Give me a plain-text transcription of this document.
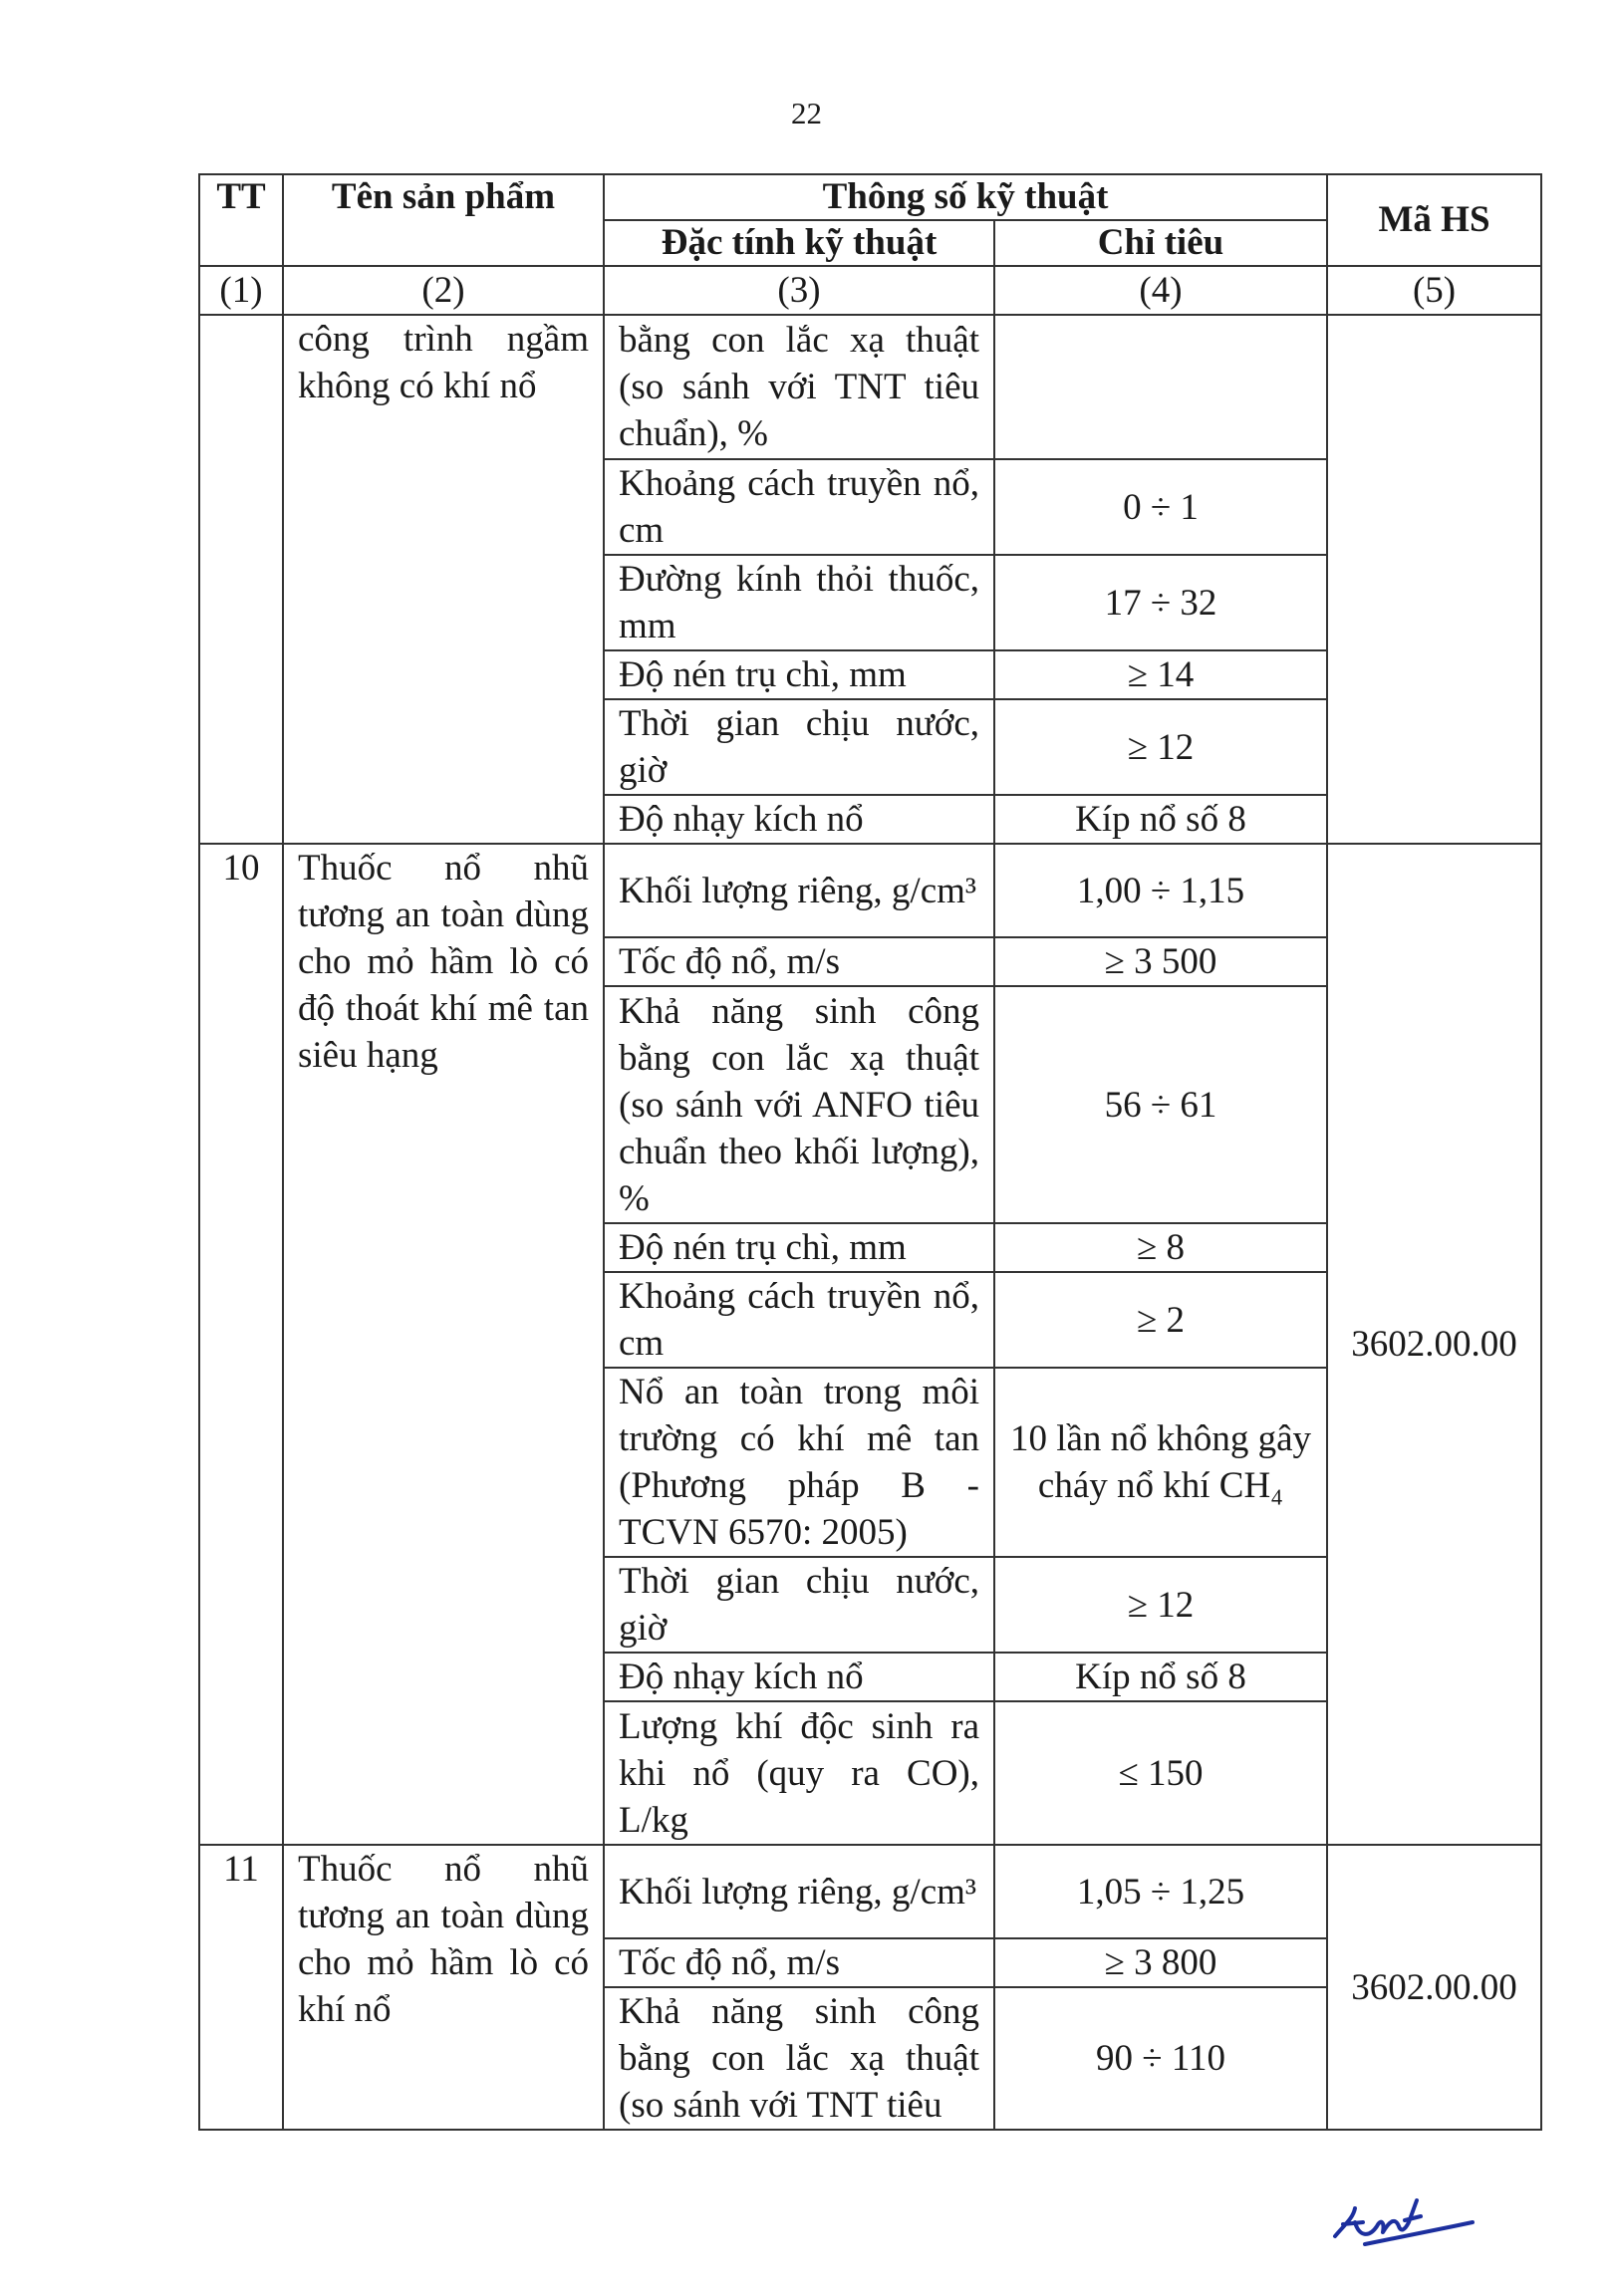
22
TT	Tên sản phẩm	Thông số kỹ thuật		Mã HS
		Đặc tính kỹ thuật	Chỉ tiêu	
(1)	(2)	(3)	(4)	(5)
	công trình ngầm không có khí nổ	bằng con lắc xạ thuật (so sánh với TNT tiêu chuẩn), %		
		Khoảng cách truyền nổ, cm	0 ÷ 1	
		Đường kính thỏi thuốc, mm	17 ÷ 32	
		Độ nén trụ chì, mm	≥ 14	
		Thời gian chịu nước, giờ	≥ 12	
		Độ nhạy kích nổ	Kíp nổ số 8	
10	Thuốc nổ nhũ tương an toàn dùng cho mỏ hầm lò có độ thoát khí mê tan siêu hạng	Khối lượng riêng, g/cm³	1,00 ÷ 1,15	3602.00.00
		Tốc độ nổ, m/s	≥ 3 500	
		Khả năng sinh công bằng con lắc xạ thuật (so sánh với ANFO tiêu chuẩn theo khối lượng), %	56 ÷ 61	
		Độ nén trụ chì, mm	≥ 8	
		Khoảng cách truyền nổ, cm	≥ 2	
		Nổ an toàn trong môi trường có khí mê tan (Phương pháp B - TCVN 6570: 2005)	10 lần nổ không gây cháy nổ khí CH₄	
		Thời gian chịu nước, giờ	≥ 12	
		Độ nhạy kích nổ	Kíp nổ số 8	
		Lượng khí độc sinh ra khi nổ (quy ra CO), L/kg	≤ 150	
11	Thuốc nổ nhũ tương an toàn dùng cho mỏ hầm lò có khí nổ	Khối lượng riêng, g/cm³	1,05 ÷ 1,25	3602.00.00
		Tốc độ nổ, m/s	≥ 3 800	
		Khả năng sinh công bằng con lắc xạ thuật (so sánh với TNT tiêu	90 ÷ 110	
